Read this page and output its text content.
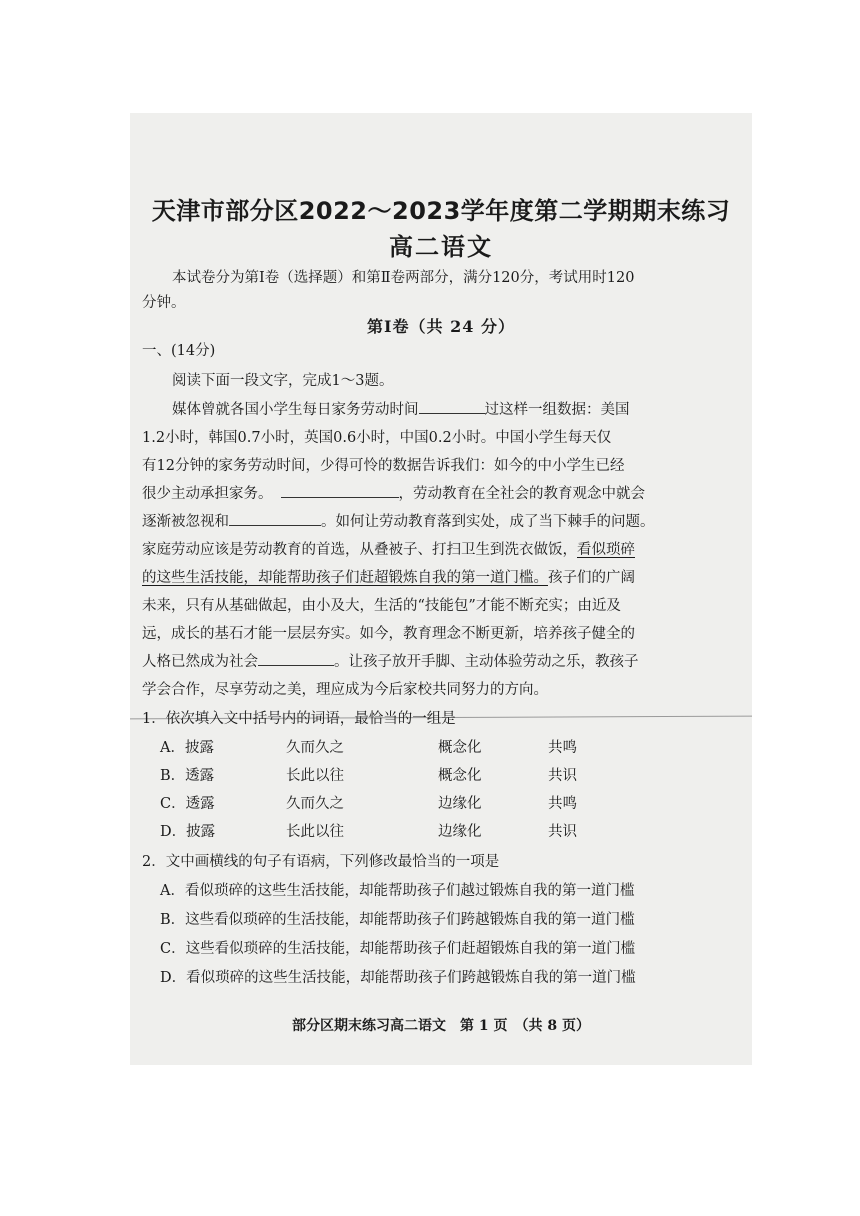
天津市部分区2022～2023学年度第二学期期末练习
高二语文
本试卷分为第Ⅰ卷（选择题）和第Ⅱ卷两部分，满分120分，考试用时120
分钟。
第Ⅰ卷（共 24 分）
一、(14分)
阅读下面一段文字，完成1～3题。
媒体曾就各国小学生每日家务劳动时间	过这样一组数据：美国
1.2小时，韩国0.7小时，英国0.6小时，中国0.2小时。中国小学生每天仅
有12分钟的家务劳动时间，少得可怜的数据告诉我们：如今的中小学生已经
很少主动承担家务。	，劳动教育在全社会的教育观念中就会
逐渐被忽视和	。如何让劳动教育落到实处，成了当下棘手的问题。
家庭劳动应该是劳动教育的首选，从叠被子、打扫卫生到洗衣做饭，看似琐碎
的这些生活技能，却能帮助孩子们赶超锻炼自我的第一道门槛。孩子们的广阔
未来，只有从基础做起，由小及大，生活的“技能包”才能不断充实；由近及
远，成长的基石才能一层层夯实。如今，教育理念不断更新，培养孩子健全的
人格已然成为社会	。让孩子放开手脚、主动体验劳动之乐，教孩子
学会合作，尽享劳动之美，理应成为今后家校共同努力的方向。
1．依次填入文中括号内的词语，最恰当的一组是
A．披露	久而久之	概念化	共鸣
B．透露	长此以往	概念化	共识
C．透露	久而久之	边缘化	共鸣
D．披露	长此以往	边缘化	共识
2．文中画横线的句子有语病，下列修改最恰当的一项是
A．看似琐碎的这些生活技能，却能帮助孩子们越过锻炼自我的第一道门槛
B．这些看似琐碎的生活技能，却能帮助孩子们跨越锻炼自我的第一道门槛
C．这些看似琐碎的生活技能，却能帮助孩子们赶超锻炼自我的第一道门槛
D．看似琐碎的这些生活技能，却能帮助孩子们跨越锻炼自我的第一道门槛
部分区期末练习高二语文　第 1 页　（共 8 页）
